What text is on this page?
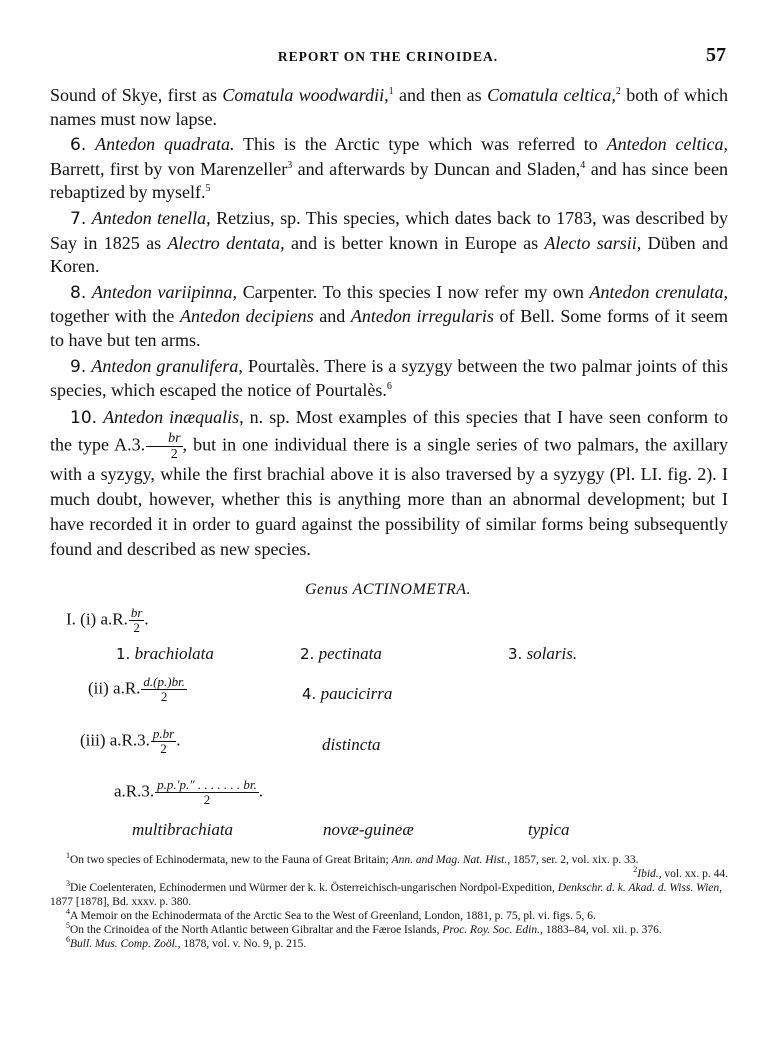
REPORT ON THE CRINOIDEA.	57

Sound of Skye, first as Comatula woodwardii,$^1$ and then as Comatula celtica,$^2$ both of which names must now lapse.

6. Antedon quadrata. This is the Arctic type which was referred to Antedon celtica, Barrett, first by von Marenzeller$^3$ and afterwards by Duncan and Sladen,$^4$ and has since been rebaptized by myself.$^5$

7. Antedon tenella, Retzius, sp. This species, which dates back to 1783, was described by Say in 1825 as Alectro dentata, and is better known in Europe as Alecto sarsii, Düben and Koren.

8. Antedon variipinna, Carpenter. To this species I now refer my own Antedon crenulata, together with the Antedon decipiens and Antedon irregularis of Bell. Some forms of it seem to have but ten arms.

9. Antedon granulifera, Pourtalès. There is a syzygy between the two palmar joints of this species, which escaped the notice of Pourtalès.$^6$

10. Antedon inæqualis, n. sp. Most examples of this species that I have seen conform to the type A.3. $\frac{br}{2}$ , but in one individual there is a single series of two palmars, the axillary with a syzygy, while the first brachial above it is also traversed by a syzygy (Pl. LI. fig. 2). I much doubt, however, whether this is anything more than an abnormal development; but I have recorded it in order to guard against the possibility of similar forms being subsequently found and described as new species.

Genus ACTINOMETRA.
I. (i) a.R. $\frac{br}{2}$ .
1. brachiolata	2. pectinata	3. solaris.
(ii) a.R. $\frac{d.(p.)br.}{2}$	4. paucicirra
(iii) a.R.3. $\frac{p.br}{2}$ .	distincta
a.R.3. $\frac{p.p.'p.'' . . . . . . . br.}{2}$ .
multibrachiata	novæ-guineæ	typica

$^1$On two species of Echinodermata, new to the Fauna of Great Britain; Ann. and Mag. Nat. Hist., 1857, ser. 2, vol. xix. p. 33.
$^2$Ibid., vol. xx. p. 44.

$^3$Die Coelenteraten, Echinodermen und Würmer der k. k. Österreichisch-ungarischen Nordpol-Expedition, Denkschr. d. k. Akad. d. Wiss. Wien, 1877 [1878], Bd. xxxv. p. 380.

$^4$A Memoir on the Echinodermata of the Arctic Sea to the West of Greenland, London, 1881, p. 75, pl. vi. figs. 5, 6.

$^5$On the Crinoidea of the North Atlantic between Gibraltar and the Færoe Islands, Proc. Roy. Soc. Edin., 1883–84, vol. xii. p. 376.

$^6$Bull. Mus. Comp. Zoöl., 1878, vol. v. No. 9, p. 215.
